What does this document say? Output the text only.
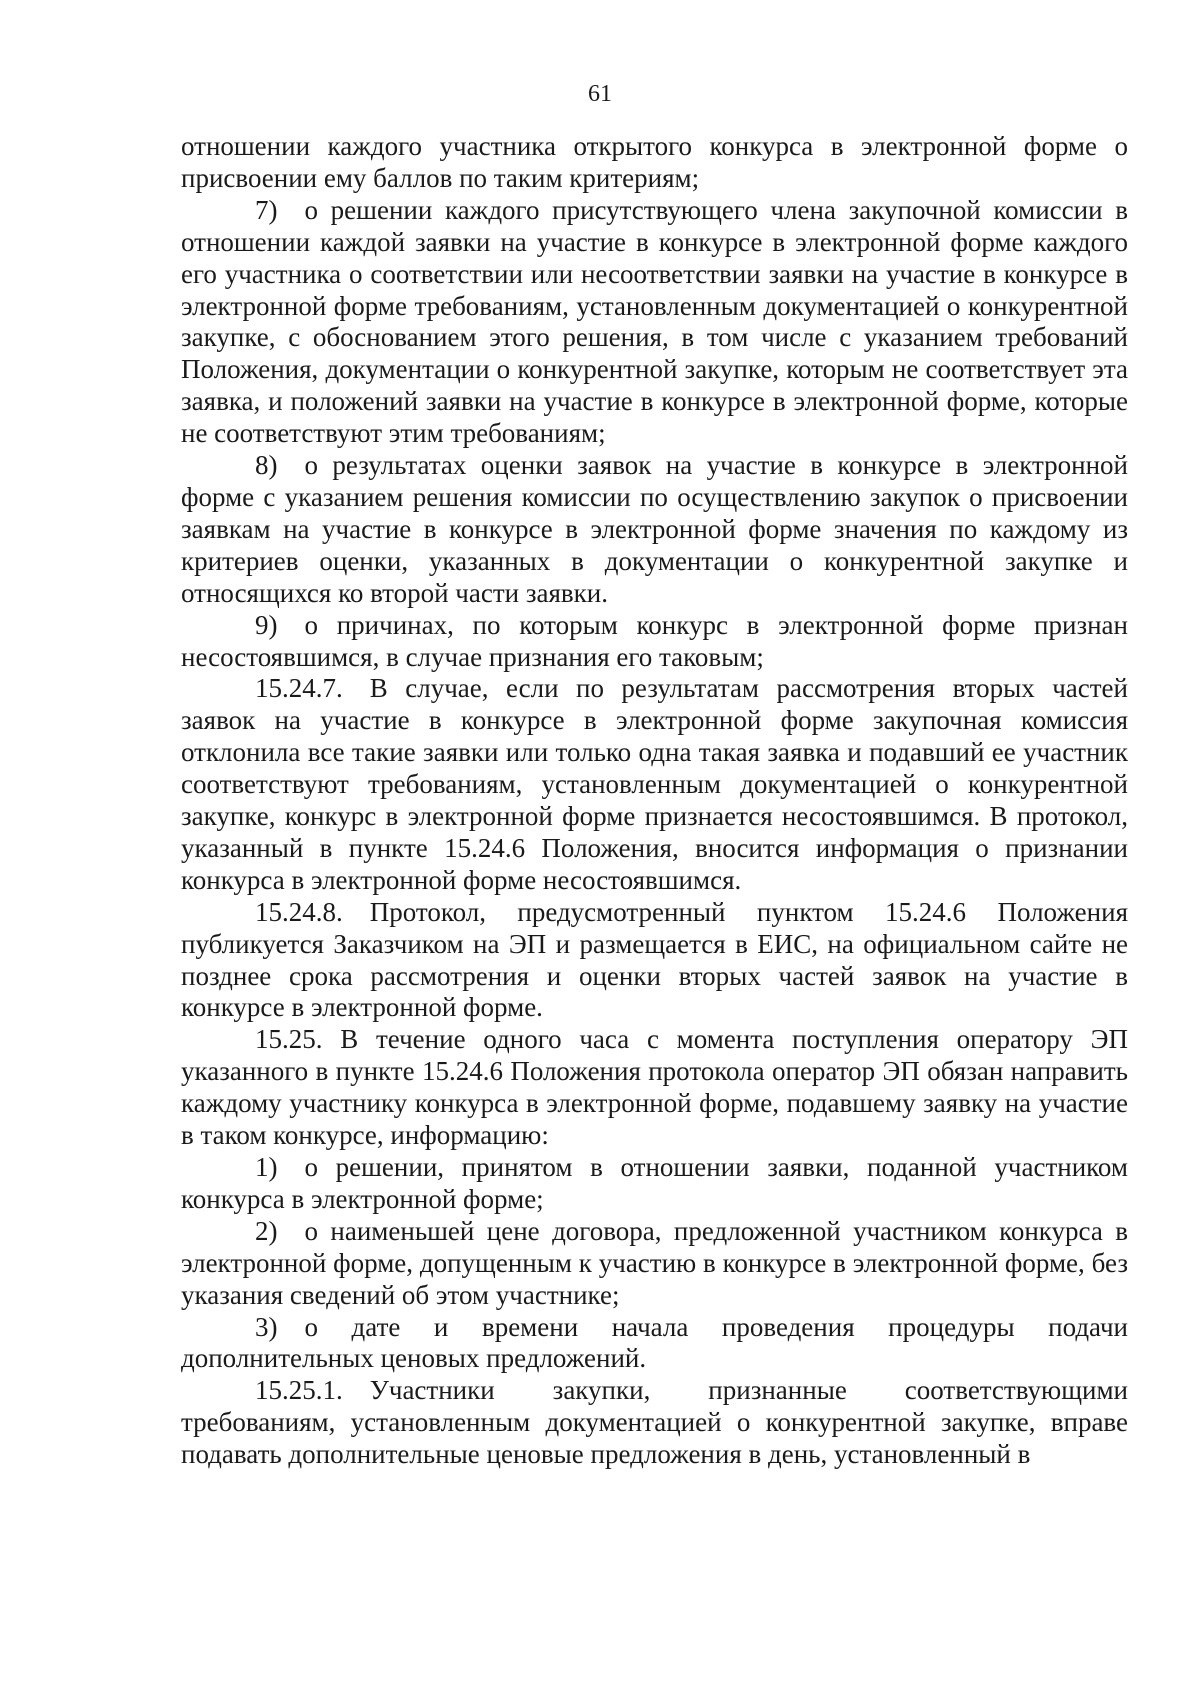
61

отношении каждого участника открытого конкурса в электронной форме о присвоении ему баллов по таким критериям;

7) о решении каждого присутствующего члена закупочной комиссии в отношении каждой заявки на участие в конкурсе в электронной форме каждого его участника о соответствии или несоответствии заявки на участие в конкурсе в электронной форме требованиям, установленным документацией о конкурентной закупке, с обоснованием этого решения, в том числе с указанием требований Положения, документации о конкурентной закупке, которым не соответствует эта заявка, и положений заявки на участие в конкурсе в электронной форме, которые не соответствуют этим требованиям;

8) о результатах оценки заявок на участие в конкурсе в электронной форме с указанием решения комиссии по осуществлению закупок о присвоении заявкам на участие в конкурсе в электронной форме значения по каждому из критериев оценки, указанных в документации о конкурентной закупке и относящихся ко второй части заявки.

9) о причинах, по которым конкурс в электронной форме признан несостоявшимся, в случае признания его таковым;

15.24.7. В случае, если по результатам рассмотрения вторых частей заявок на участие в конкурсе в электронной форме закупочная комиссия отклонила все такие заявки или только одна такая заявка и подавший ее участник соответствуют требованиям, установленным документацией о конкурентной закупке, конкурс в электронной форме признается несостоявшимся. В протокол, указанный в пункте 15.24.6 Положения, вносится информация о признании конкурса в электронной форме несостоявшимся.

15.24.8. Протокол, предусмотренный пунктом 15.24.6 Положения публикуется Заказчиком на ЭП и размещается в ЕИС, на официальном сайте не позднее срока рассмотрения и оценки вторых частей заявок на участие в конкурсе в электронной форме.

15.25. В течение одного часа с момента поступления оператору ЭП указанного в пункте 15.24.6 Положения протокола оператор ЭП обязан направить каждому участнику конкурса в электронной форме, подавшему заявку на участие в таком конкурсе, информацию:

1) о решении, принятом в отношении заявки, поданной участником конкурса в электронной форме;

2) о наименьшей цене договора, предложенной участником конкурса в электронной форме, допущенным к участию в конкурсе в электронной форме, без указания сведений об этом участнике;

3) о дате и времени начала проведения процедуры подачи дополнительных ценовых предложений.

15.25.1. Участники закупки, признанные соответствующими требованиям, установленным документацией о конкурентной закупке, вправе подавать дополнительные ценовые предложения в день, установленный в
